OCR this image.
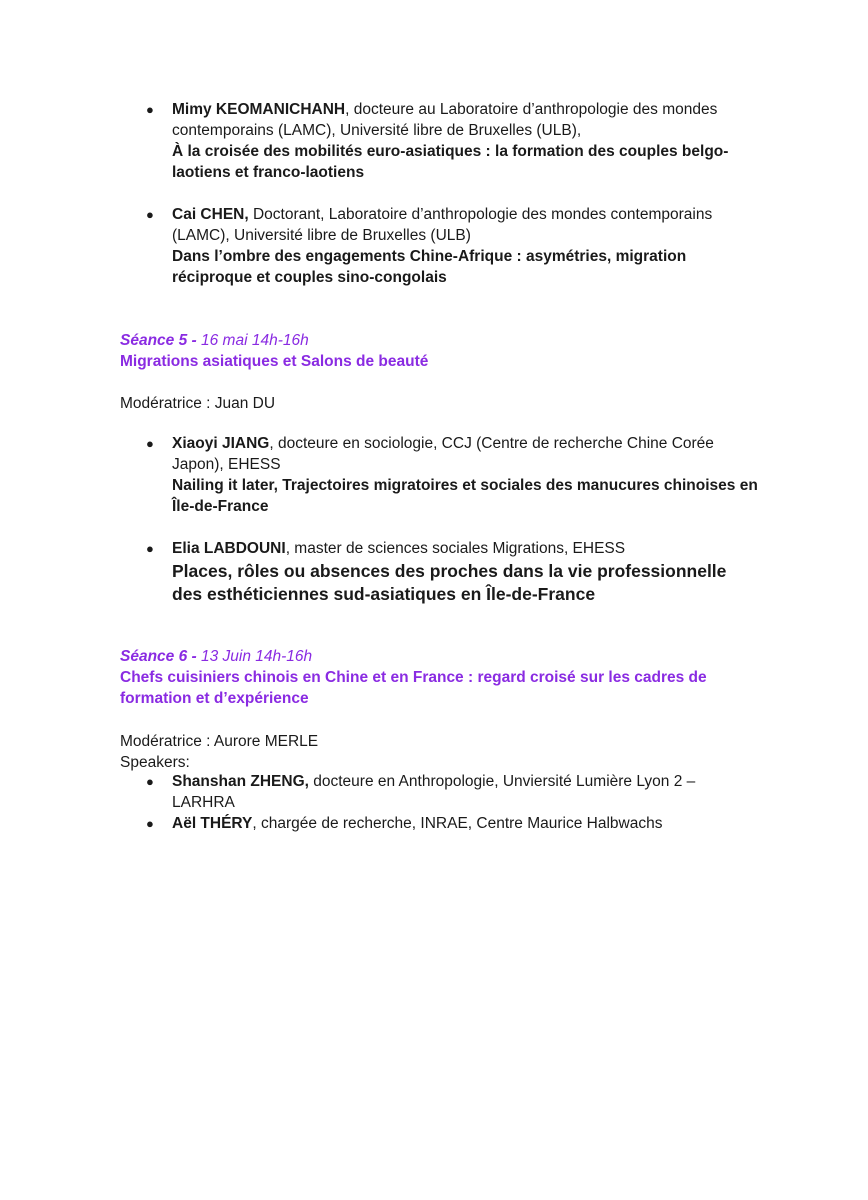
● Mimy KEOMANICHANH, docteure au Laboratoire d’anthropologie des mondes contemporains (LAMC), Université libre de Bruxelles (ULB),
À la croisée des mobilités euro-asiatiques : la formation des couples belgo-laotiens et franco-laotiens
● Cai CHEN, Doctorant, Laboratoire d’anthropologie des mondes contemporains (LAMC), Université libre de Bruxelles (ULB)
Dans l’ombre des engagements Chine-Afrique : asymétries, migration réciproque et couples sino-congolais
Séance 5 - 16 mai 14h-16h
Migrations asiatiques et Salons de beauté
Modératrice : Juan DU
● Xiaoyi JIANG, docteure en sociologie, CCJ (Centre de recherche Chine Corée Japon), EHESS
Nailing it later, Trajectoires migratoires et sociales des manucures chinoises en Île-de-France
● Elia LABDOUNI, master de sciences sociales Migrations, EHESS
Places, rôles ou absences des proches dans la vie professionnelle des esthéticiennes sud-asiatiques en Île-de-France
Séance 6 - 13 Juin 14h-16h
Chefs cuisiniers chinois en Chine et en France : regard croisé sur les cadres de formation et d’expérience
Modératrice : Aurore MERLE
Speakers:
● Shanshan ZHENG, docteure en Anthropologie, Unviersité Lumière Lyon 2 – LARHRA
● Aël THÉRY, chargée de recherche, INRAE, Centre Maurice Halbwachs
